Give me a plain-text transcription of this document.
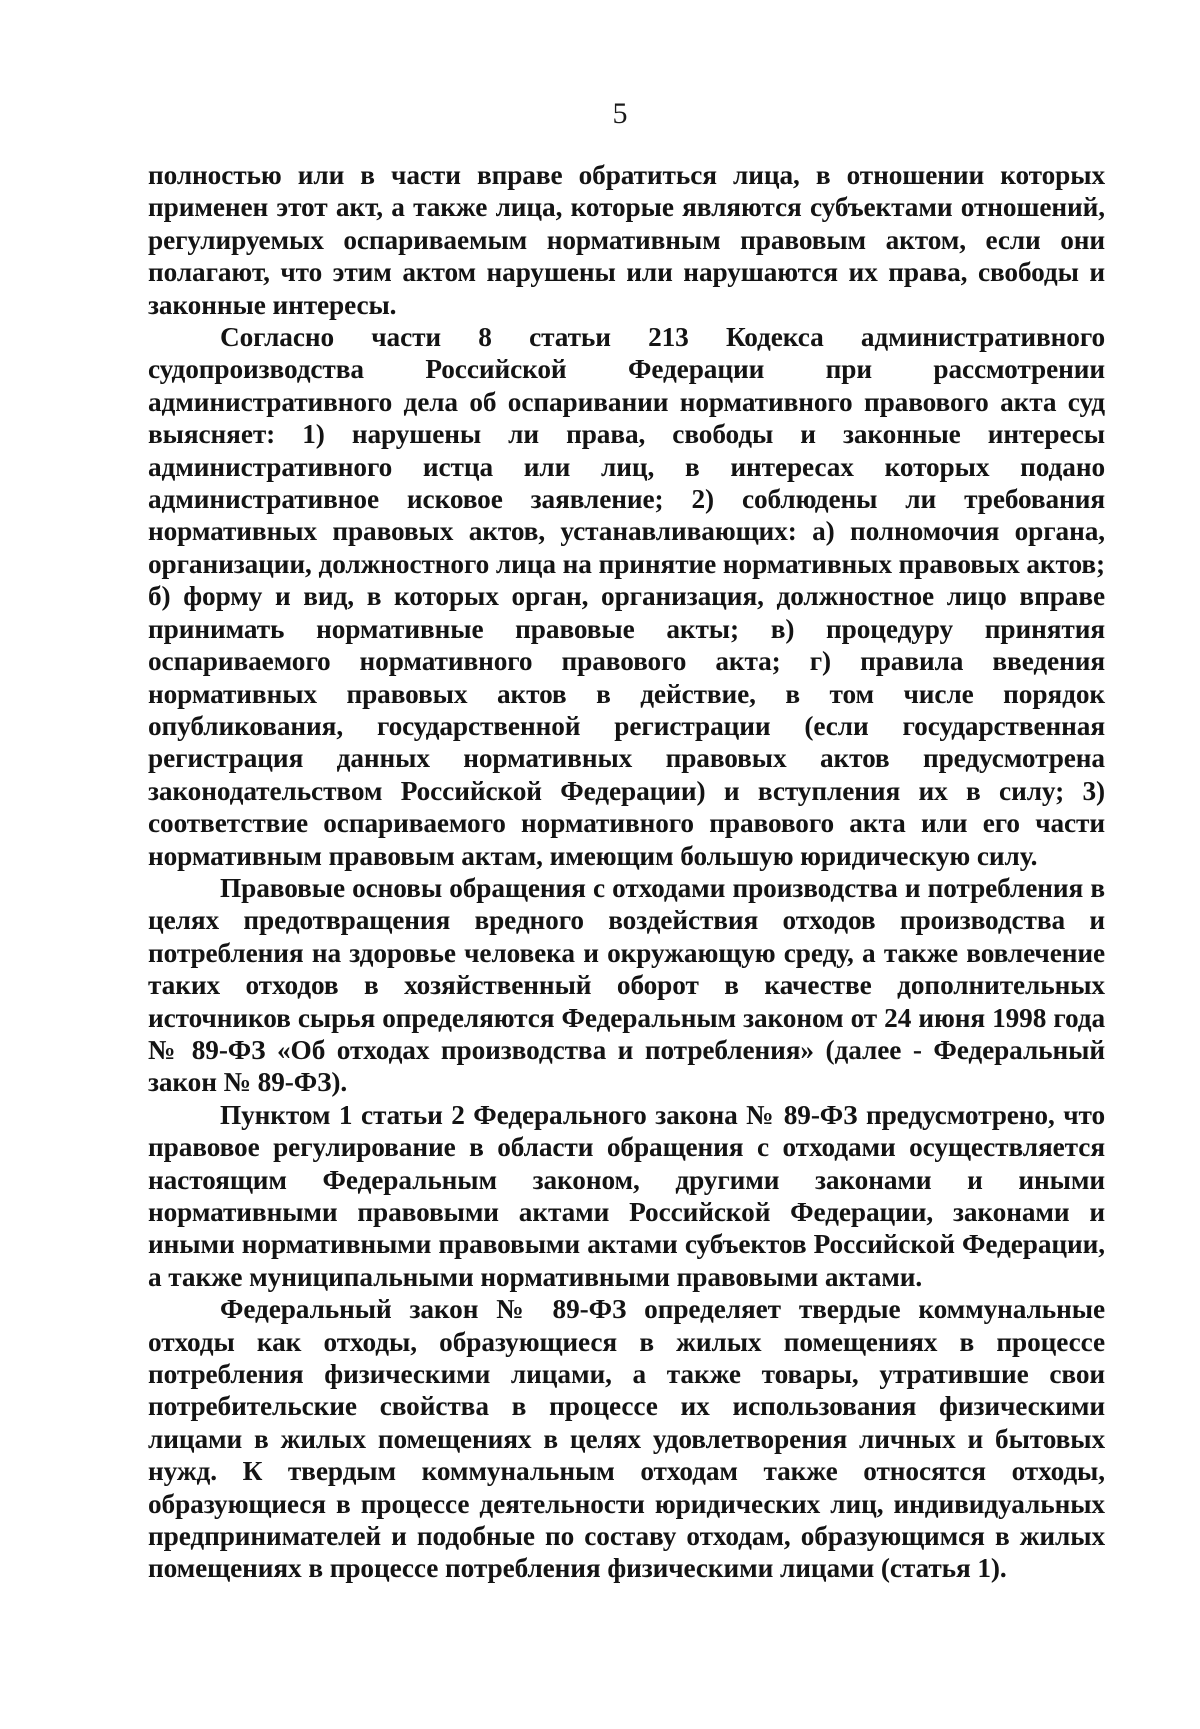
5

полностью или в части вправе обратиться лица, в отношении которых применен этот акт, а также лица, которые являются субъектами отношений, регулируемых оспариваемым нормативным правовым актом, если они полагают, что этим актом нарушены или нарушаются их права, свободы и законные интересы.

Согласно части 8 статьи 213 Кодекса административного судопроизводства Российской Федерации при рассмотрении административного дела об оспаривании нормативного правового акта суд выясняет: 1) нарушены ли права, свободы и законные интересы административного истца или лиц, в интересах которых подано административное исковое заявление; 2) соблюдены ли требования нормативных правовых актов, устанавливающих: а) полномочия органа, организации, должностного лица на принятие нормативных правовых актов; б) форму и вид, в которых орган, организация, должностное лицо вправе принимать нормативные правовые акты; в) процедуру принятия оспариваемого нормативного правового акта; г) правила введения нормативных правовых актов в действие, в том числе порядок опубликования, государственной регистрации (если государственная регистрация данных нормативных правовых актов предусмотрена законодательством Российской Федерации) и вступления их в силу; 3) соответствие оспариваемого нормативного правового акта или его части нормативным правовым актам, имеющим большую юридическую силу.

Правовые основы обращения с отходами производства и потребления в целях предотвращения вредного воздействия отходов производства и потребления на здоровье человека и окружающую среду, а также вовлечение таких отходов в хозяйственный оборот в качестве дополнительных источников сырья определяются Федеральным законом от 24 июня 1998 года № 89-ФЗ «Об отходах производства и потребления» (далее - Федеральный закон № 89-ФЗ).

Пунктом 1 статьи 2 Федерального закона № 89-ФЗ предусмотрено, что правовое регулирование в области обращения с отходами осуществляется настоящим Федеральным законом, другими законами и иными нормативными правовыми актами Российской Федерации, законами и иными нормативными правовыми актами субъектов Российской Федерации, а также муниципальными нормативными правовыми актами.

Федеральный закон № 89-ФЗ определяет твердые коммунальные отходы как отходы, образующиеся в жилых помещениях в процессе потребления физическими лицами, а также товары, утратившие свои потребительские свойства в процессе их использования физическими лицами в жилых помещениях в целях удовлетворения личных и бытовых нужд. К твердым коммунальным отходам также относятся отходы, образующиеся в процессе деятельности юридических лиц, индивидуальных предпринимателей и подобные по составу отходам, образующимся в жилых помещениях в процессе потребления физическими лицами (статья 1).
